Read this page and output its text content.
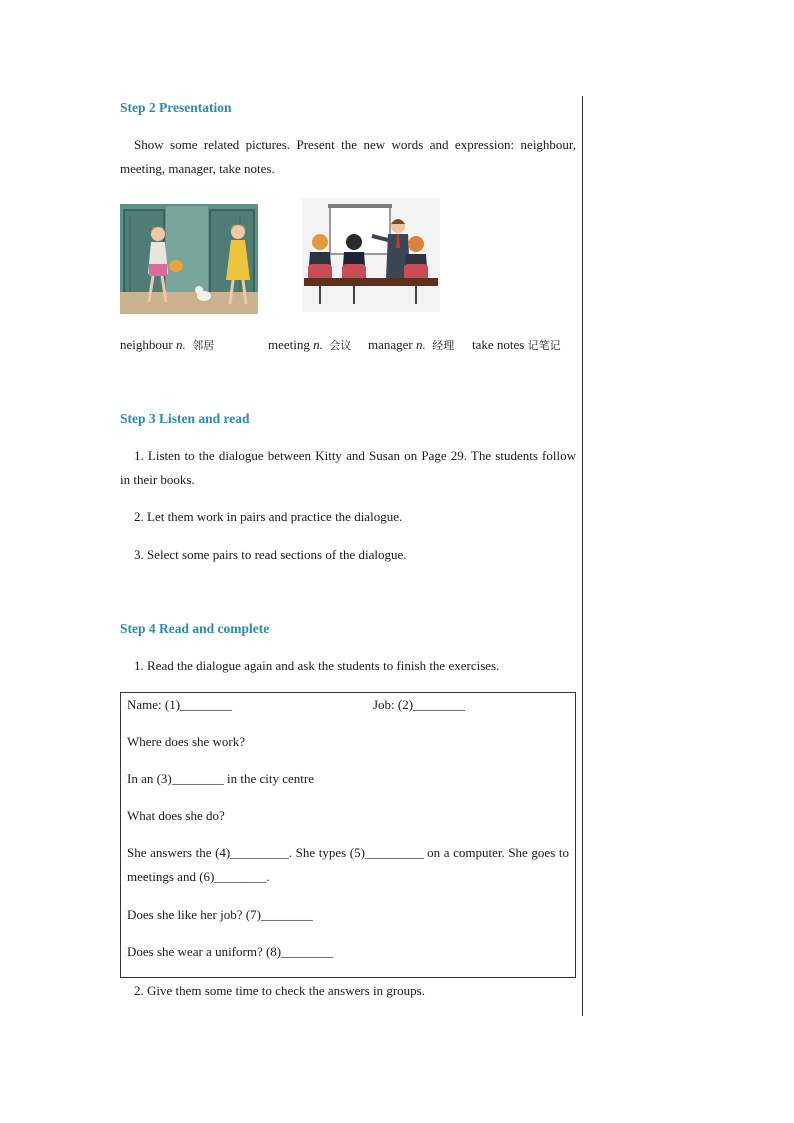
Step 2 Presentation
Show some related pictures. Present the new words and expression: neighbour, meeting, manager, take notes.
neighbour n. 邻居	meeting n. 会议 manager n. 经理 take notes 记笔记
Step 3 Listen and read
1. Listen to the dialogue between Kitty and Susan on Page 29. The students follow in their books.
2. Let them work in pairs and practice the dialogue.
3. Select some pairs to read sections of the dialogue.
Step 4 Read and complete
1. Read the dialogue again and ask the students to finish the exercises.
Name: (1)________	Job: (2)________
Where does she work?
In an (3)________ in the city centre
What does she do?
She answers the (4)_________. She types (5)_________ on a computer. She goes to meetings and (6)________.
Does she like her job? (7)________
Does she wear a uniform? (8)________
2. Give them some time to check the answers in groups.
